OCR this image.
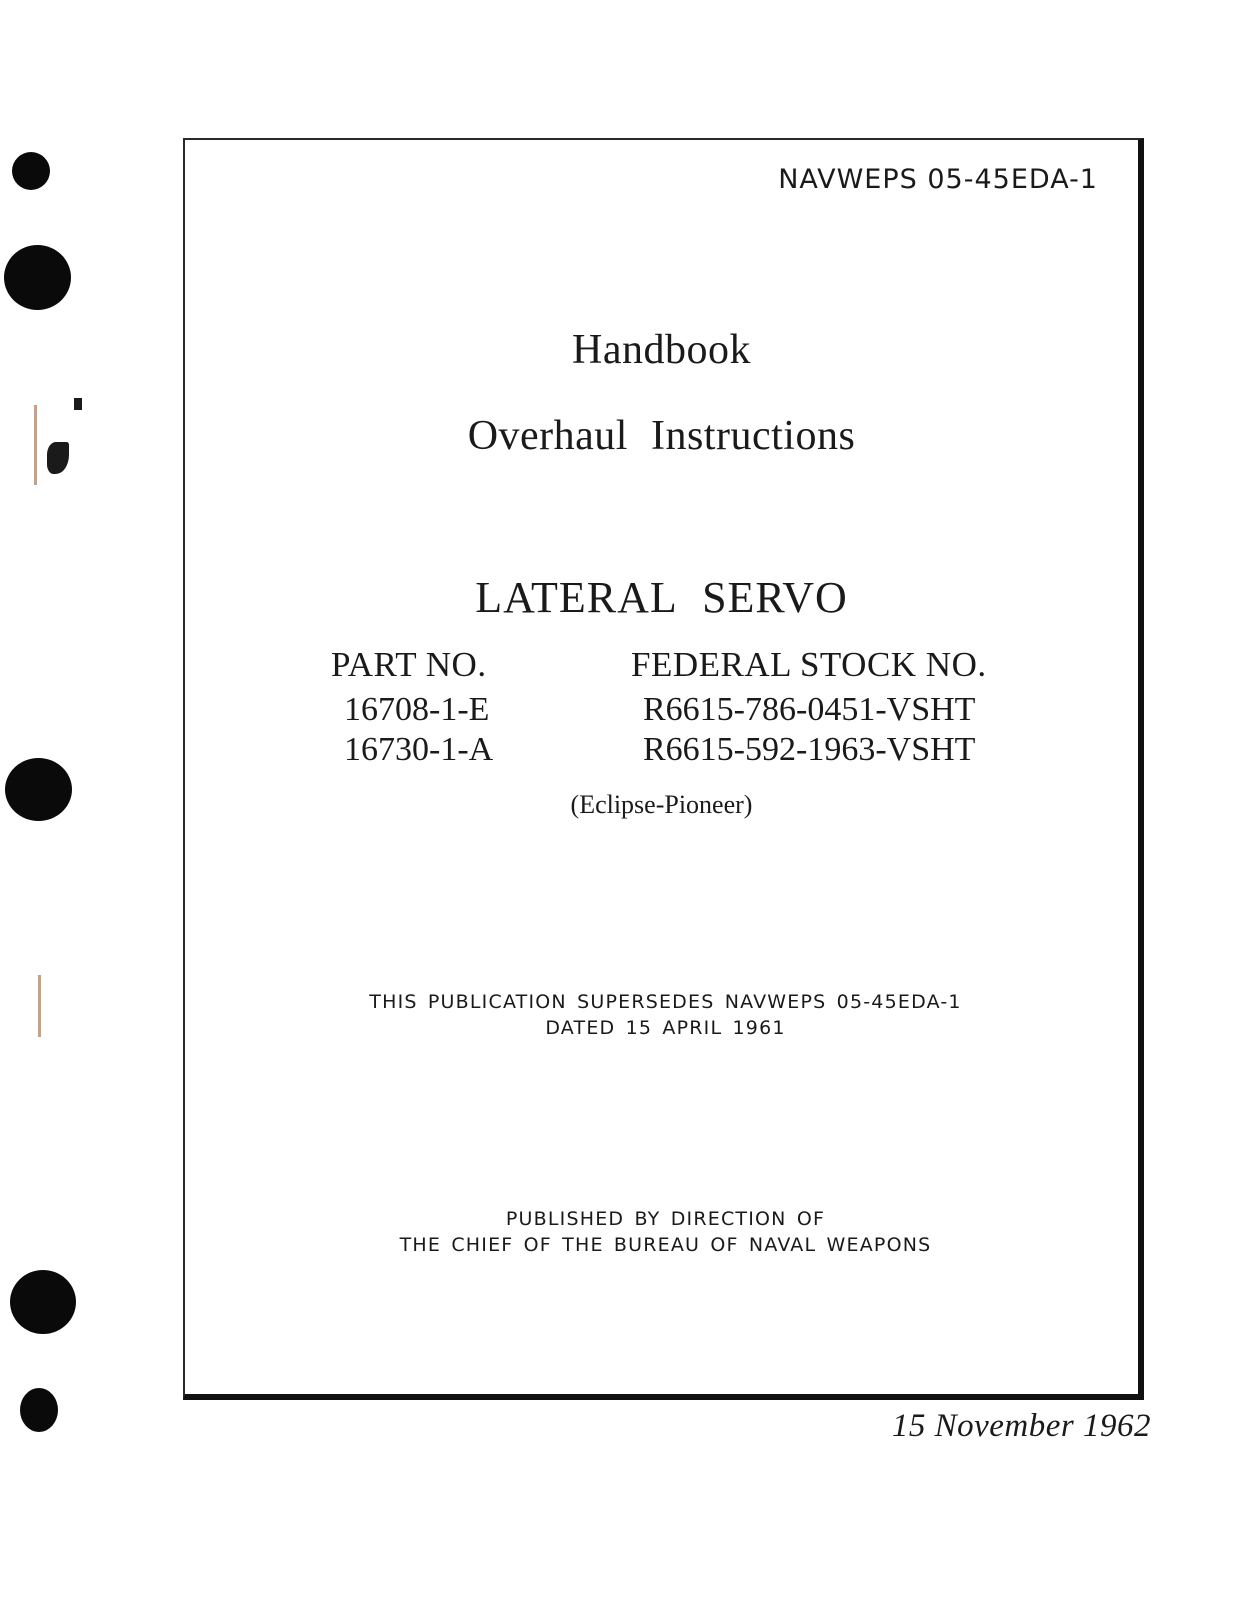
NAVWEPS 05-45EDA-1
Handbook
Overhaul Instructions
LATERAL SERVO
PART NO.
16708-1-E
16730-1-A
FEDERAL STOCK NO.
R6615-786-0451-VSHT
R6615-592-1963-VSHT
(Eclipse-Pioneer)
THIS PUBLICATION SUPERSEDES NAVWEPS 05-45EDA-1
DATED 15 APRIL 1961
PUBLISHED BY DIRECTION OF
THE CHIEF OF THE BUREAU OF NAVAL WEAPONS
15 November 1962
